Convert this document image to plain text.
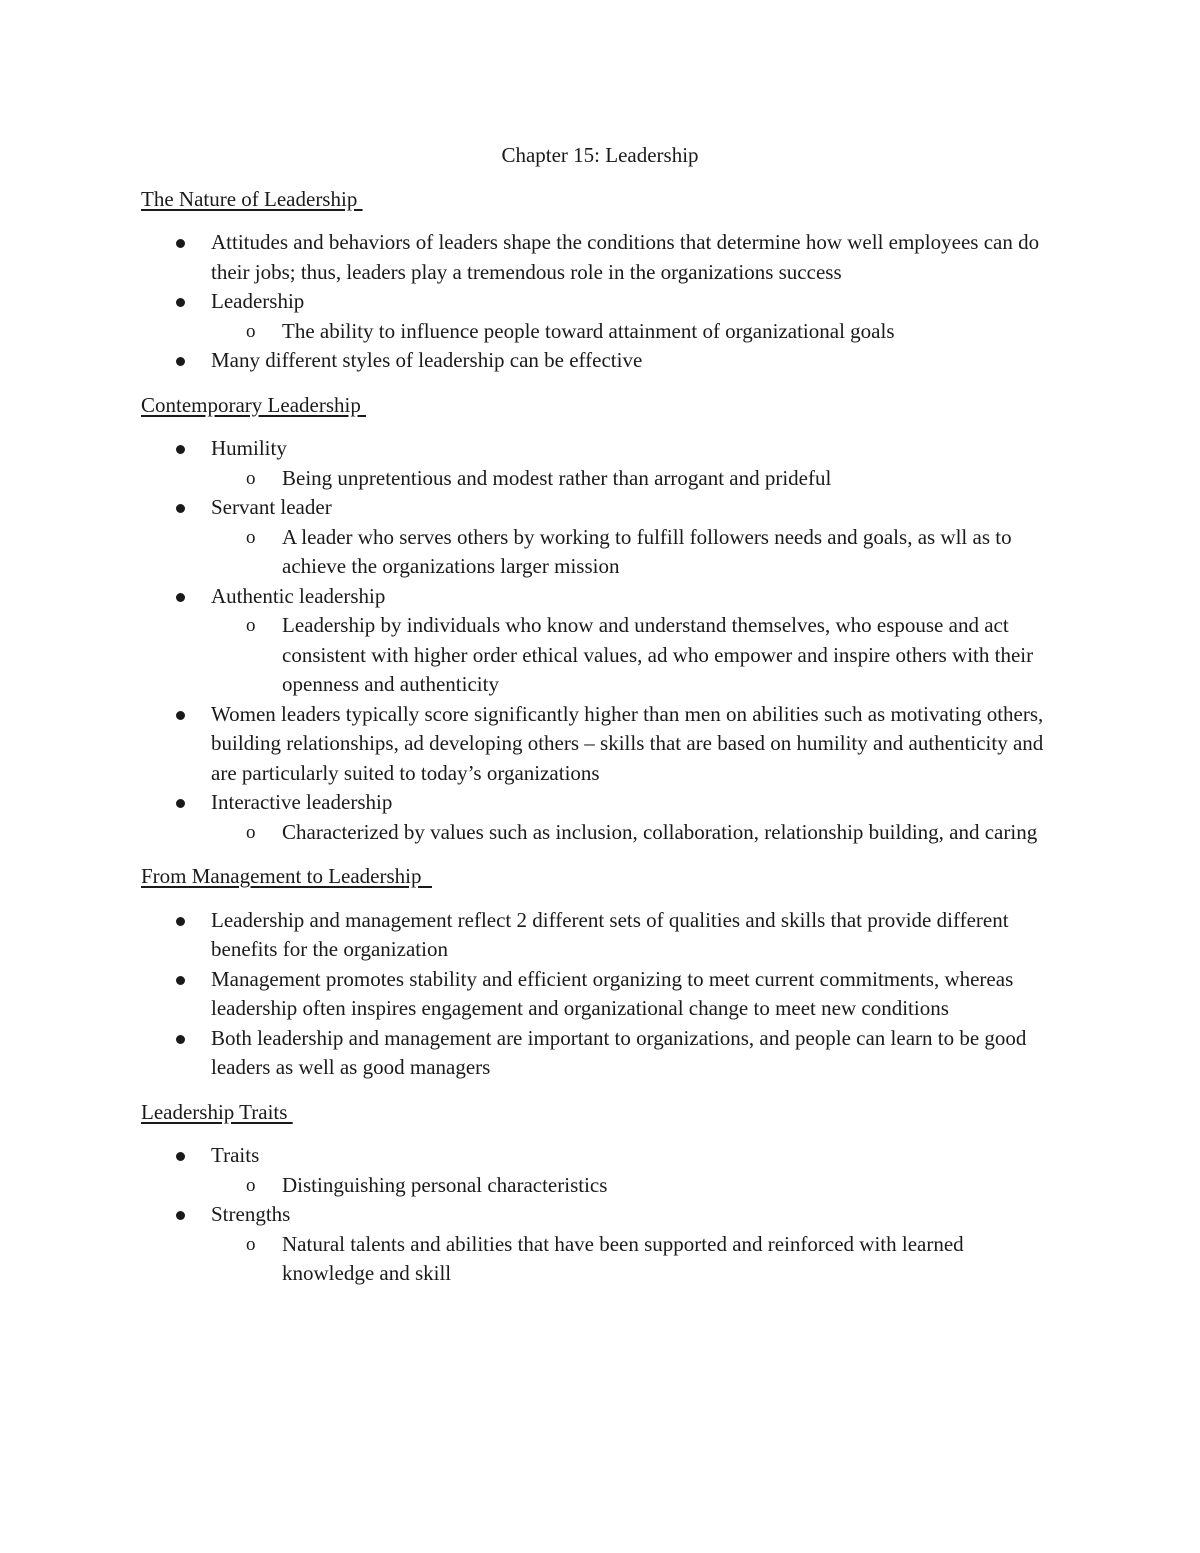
Chapter 15: Leadership
The Nature of Leadership
Attitudes and behaviors of leaders shape the conditions that determine how well employees can do their jobs; thus, leaders play a tremendous role in the organizations success
Leadership
o The ability to influence people toward attainment of organizational goals
Many different styles of leadership can be effective
Contemporary Leadership
Humility
o Being unpretentious and modest rather than arrogant and prideful
Servant leader
o A leader who serves others by working to fulfill followers needs and goals, as wll as to achieve the organizations larger mission
Authentic leadership
o Leadership by individuals who know and understand themselves, who espouse and act consistent with higher order ethical values, ad who empower and inspire others with their openness and authenticity
Women leaders typically score significantly higher than men on abilities such as motivating others, building relationships, ad developing others – skills that are based on humility and authenticity and are particularly suited to today’s organizations
Interactive leadership
o Characterized by values such as inclusion, collaboration, relationship building, and caring
From Management to Leadership
Leadership and management reflect 2 different sets of qualities and skills that provide different benefits for the organization
Management promotes stability and efficient organizing to meet current commitments, whereas leadership often inspires engagement and organizational change to meet new conditions
Both leadership and management are important to organizations, and people can learn to be good leaders as well as good managers
Leadership Traits
Traits
o Distinguishing personal characteristics
Strengths
o Natural talents and abilities that have been supported and reinforced with learned knowledge and skill
